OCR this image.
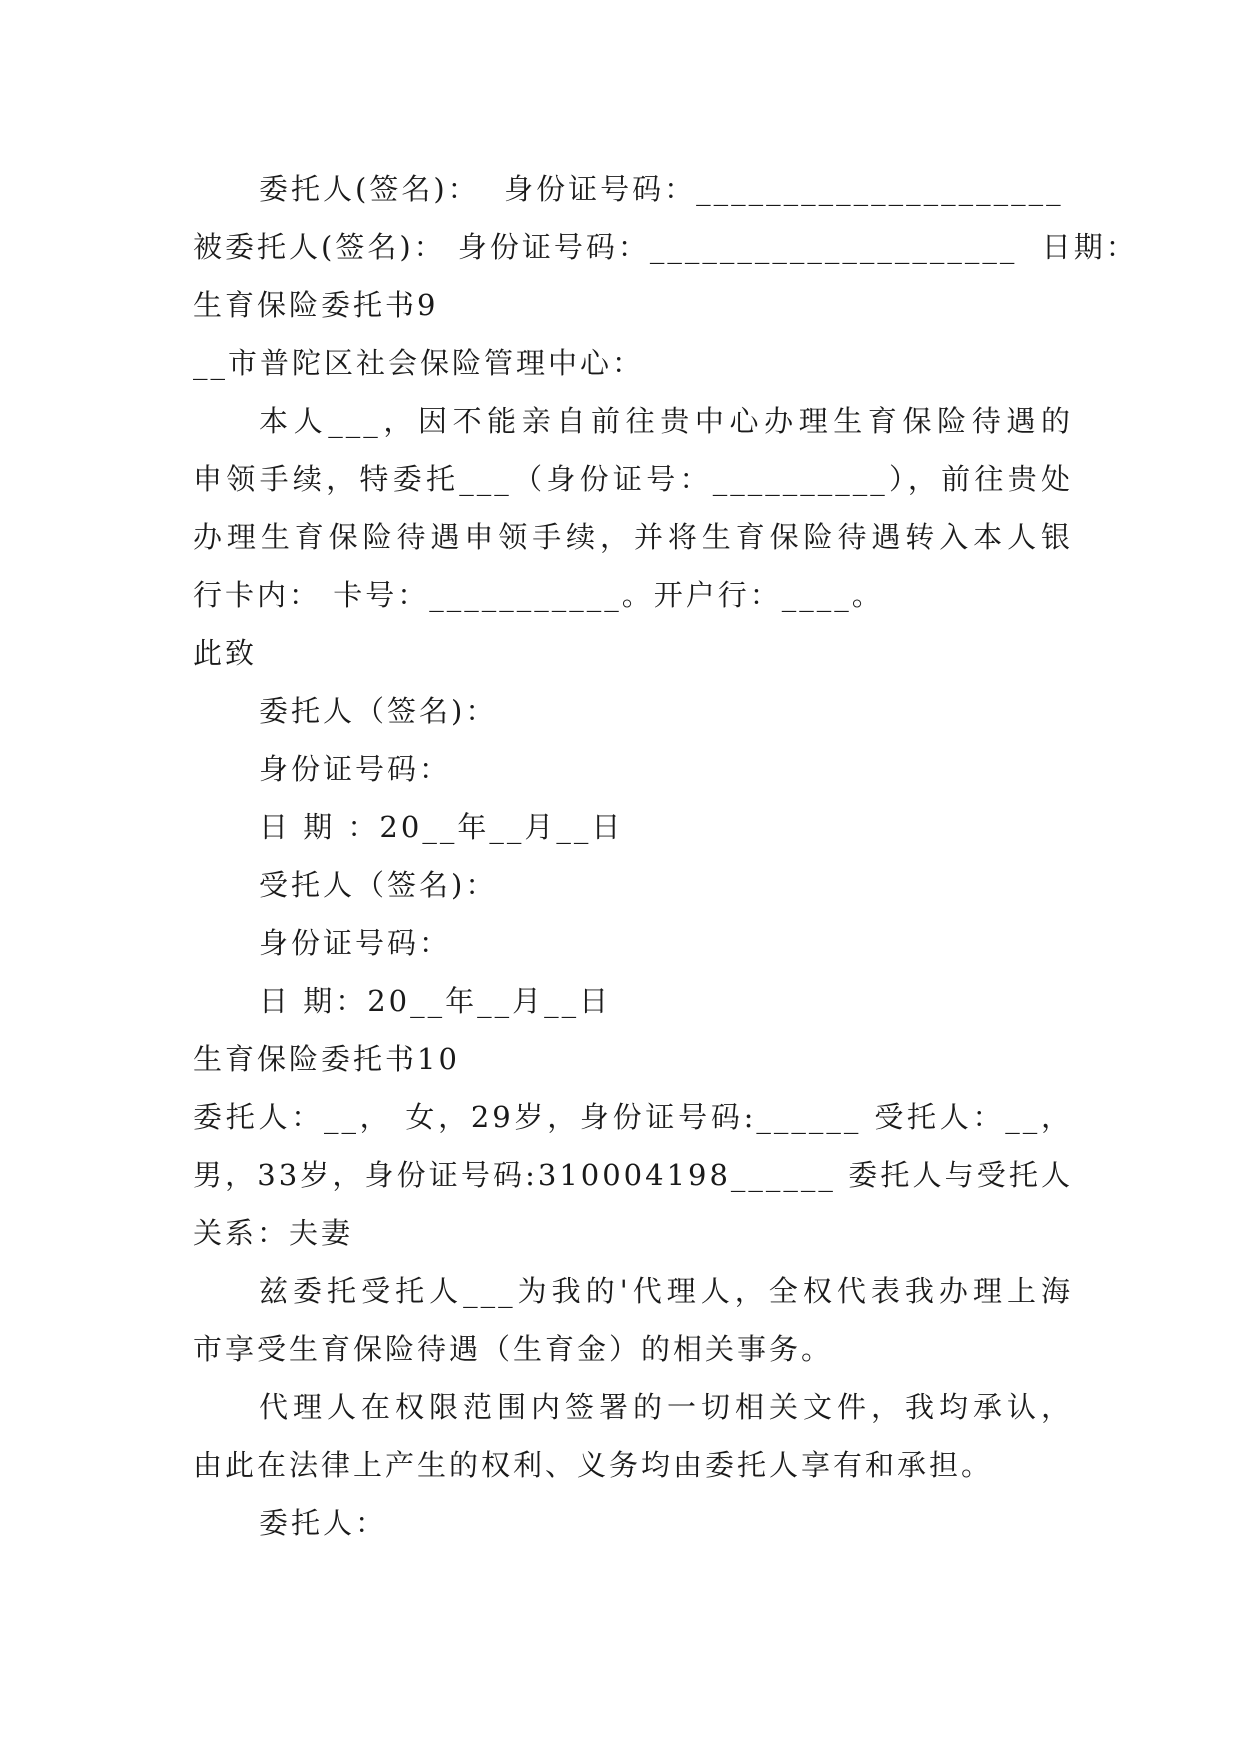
委托人(签名)：  身份证号码：_____________________
被委托人(签名)： 身份证号码：_____________________  日期：
生育保险委托书9
__市普陀区社会保险管理中心：
本人___，因不能亲自前往贵中心办理生育保险待遇的
申领手续，特委托___（身份证号：__________），前往贵处
办理生育保险待遇申领手续，并将生育保险待遇转入本人银
行卡内： 卡号：___________。开户行：____。
此致
委托人（签名)：
身份证号码：
日 期 ：20__年__月__日
受托人（签名)：
身份证号码：
日 期：20__年__月__日
生育保险委托书10
委托人：__， 女，29岁，身份证号码:______ 受托人：__，
男，33岁，身份证号码:310004198______ 委托人与受托人
关系：夫妻
兹委托受托人___为我的'代理人，全权代表我办理上海
市享受生育保险待遇（生育金）的相关事务。
代理人在权限范围内签署的一切相关文件，我均承认，
由此在法律上产生的权利、义务均由委托人享有和承担。
委托人：
